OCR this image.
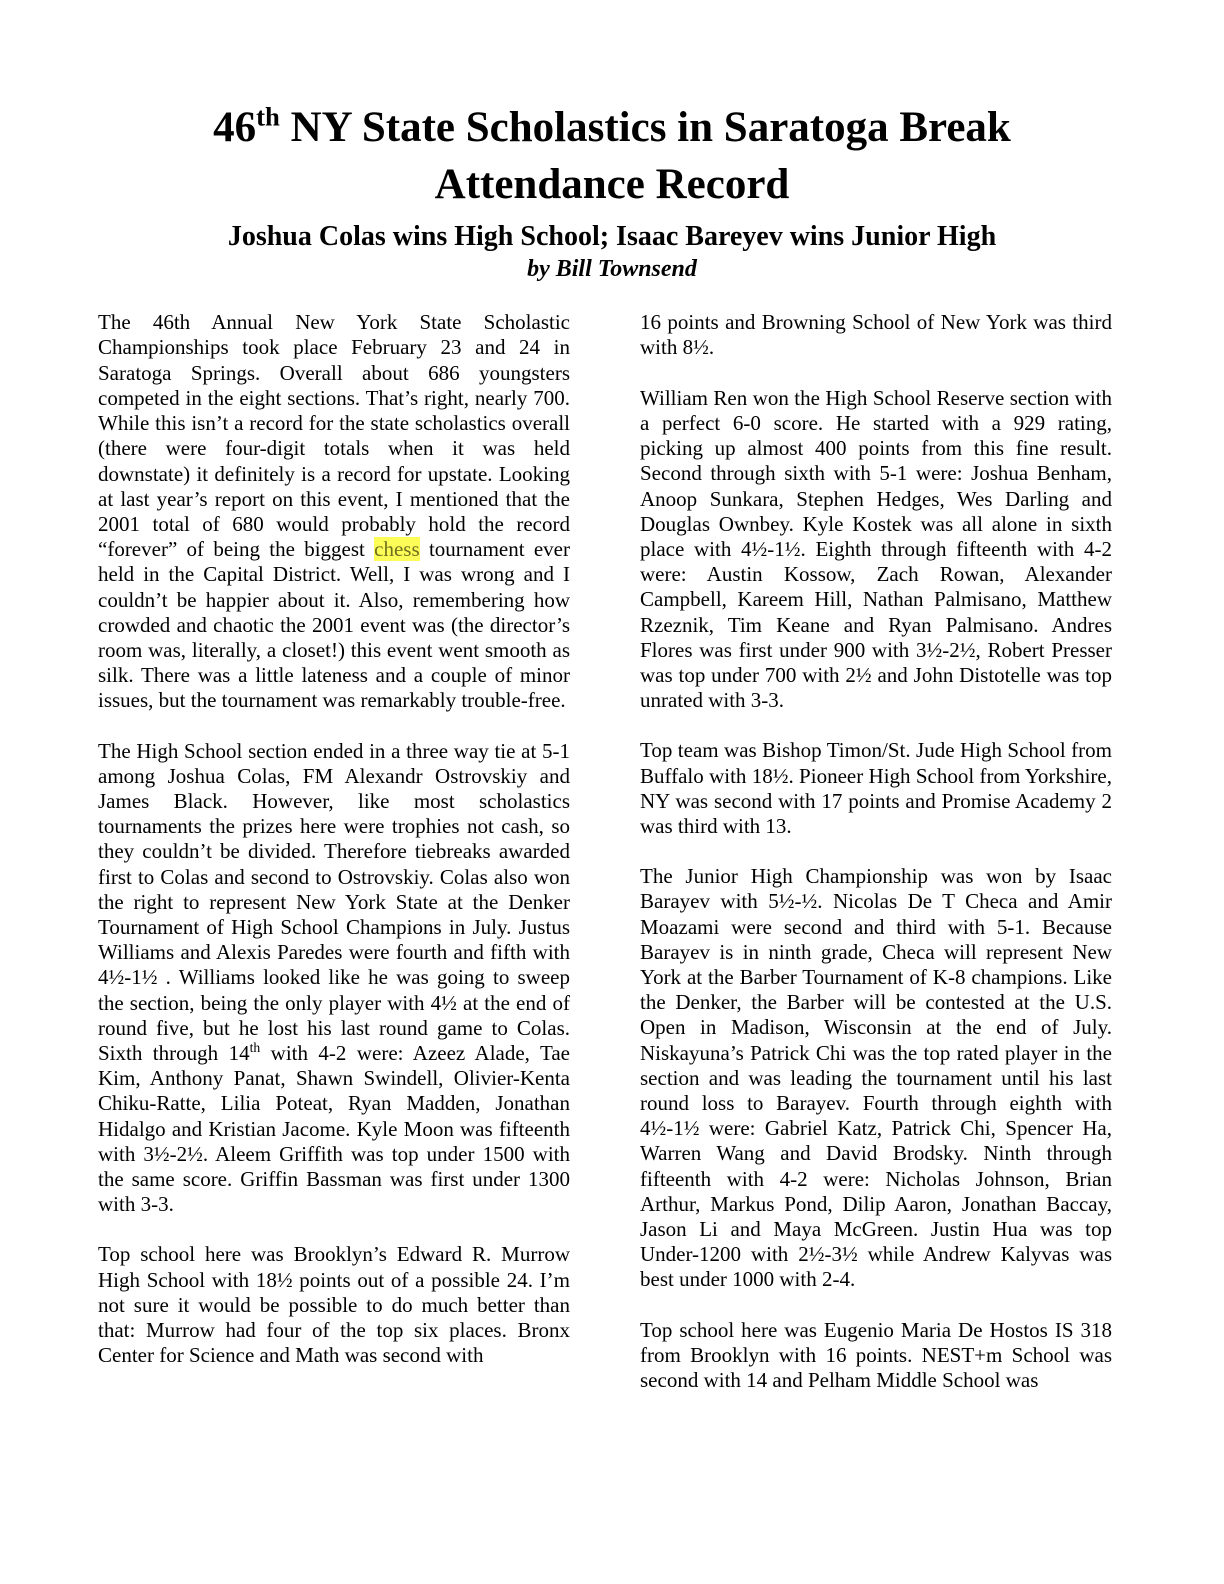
46th NY State Scholastics in Saratoga Break
Attendance Record
Joshua Colas wins High School; Isaac Bareyev wins Junior High
by Bill Townsend

The 46th Annual New York State Scholastic Championships took place February 23 and 24 in Saratoga Springs. Overall about 686 youngsters competed in the eight sections. That’s right, nearly 700. While this isn’t a record for the state scholastics overall (there were four-digit totals when it was held downstate) it definitely is a record for upstate. Looking at last year’s report on this event, I mentioned that the 2001 total of 680 would probably hold the record “forever” of being the biggest chess tournament ever held in the Capital District. Well, I was wrong and I couldn’t be happier about it. Also, remembering how crowded and chaotic the 2001 event was (the director’s room was, literally, a closet!) this event went smooth as silk. There was a little lateness and a couple of minor issues, but the tournament was remarkably trouble-free.

The High School section ended in a three way tie at 5-1 among Joshua Colas, FM Alexandr Ostrovskiy and James Black. However, like most scholastics tournaments the prizes here were trophies not cash, so they couldn’t be divided. Therefore tiebreaks awarded first to Colas and second to Ostrovskiy. Colas also won the right to represent New York State at the Denker Tournament of High School Champions in July. Justus Williams and Alexis Paredes were fourth and fifth with 4½-1½ . Williams looked like he was going to sweep the section, being the only player with 4½ at the end of round five, but he lost his last round game to Colas. Sixth through 14th with 4-2 were: Azeez Alade, Tae Kim, Anthony Panat, Shawn Swindell, Olivier-Kenta Chiku-Ratte, Lilia Poteat, Ryan Madden, Jonathan Hidalgo and Kristian Jacome. Kyle Moon was fifteenth with 3½-2½. Aleem Griffith was top under 1500 with the same score. Griffin Bassman was first under 1300 with 3-3.

Top school here was Brooklyn’s Edward R. Murrow High School with 18½ points out of a possible 24. I’m not sure it would be possible to do much better than that: Murrow had four of the top six places. Bronx Center for Science and Math was second with

16 points and Browning School of New York was third with 8½.

William Ren won the High School Reserve section with a perfect 6-0 score. He started with a 929 rating, picking up almost 400 points from this fine result. Second through sixth with 5-1 were: Joshua Benham, Anoop Sunkara, Stephen Hedges, Wes Darling and Douglas Ownbey. Kyle Kostek was all alone in sixth place with 4½-1½. Eighth through fifteenth with 4-2 were: Austin Kossow, Zach Rowan, Alexander Campbell, Kareem Hill, Nathan Palmisano, Matthew Rzeznik, Tim Keane and Ryan Palmisano. Andres Flores was first under 900 with 3½-2½, Robert Presser was top under 700 with 2½ and John Distotelle was top unrated with 3-3.

Top team was Bishop Timon/St. Jude High School from Buffalo with 18½. Pioneer High School from Yorkshire, NY was second with 17 points and Promise Academy 2 was third with 13.

The Junior High Championship was won by Isaac Barayev with 5½-½. Nicolas De T Checa and Amir Moazami were second and third with 5-1. Because Barayev is in ninth grade, Checa will represent New York at the Barber Tournament of K-8 champions. Like the Denker, the Barber will be contested at the U.S. Open in Madison, Wisconsin at the end of July. Niskayuna’s Patrick Chi was the top rated player in the section and was leading the tournament until his last round loss to Barayev. Fourth through eighth with 4½-1½ were: Gabriel Katz, Patrick Chi, Spencer Ha, Warren Wang and David Brodsky. Ninth through fifteenth with 4-2 were: Nicholas Johnson, Brian Arthur, Markus Pond, Dilip Aaron, Jonathan Baccay, Jason Li and Maya McGreen. Justin Hua was top Under-1200 with 2½-3½ while Andrew Kalyvas was best under 1000 with 2-4.

Top school here was Eugenio Maria De Hostos IS 318 from Brooklyn with 16 points. NEST+m School was second with 14 and Pelham Middle School was
